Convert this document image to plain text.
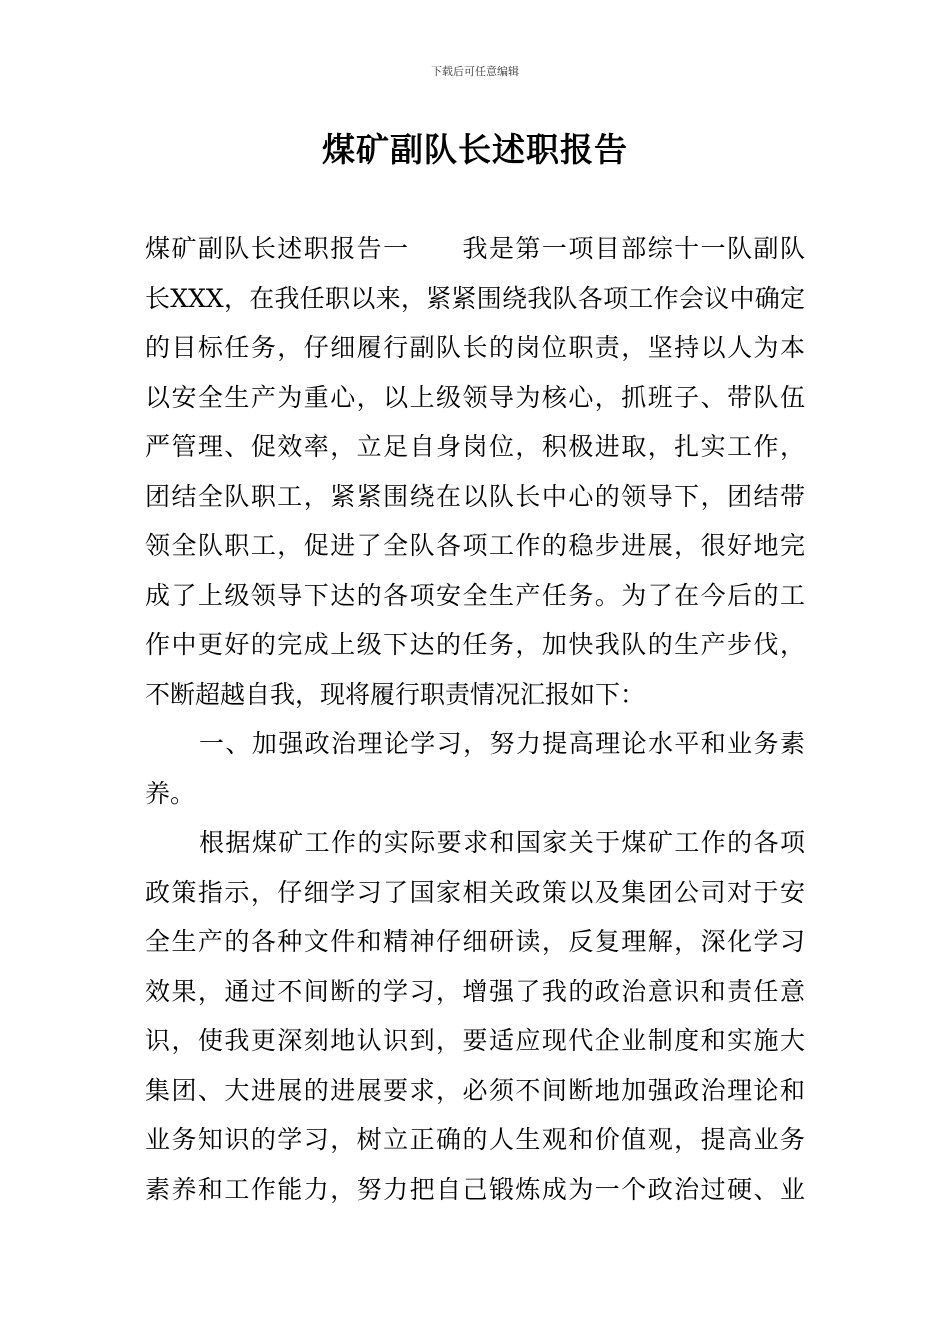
下载后可任意编辑
煤矿副队长述职报告
煤矿副队长述职报告一　　我是第一项目部综十一队副队
长XXX，在我任职以来，紧紧围绕我队各项工作会议中确定
的目标任务，仔细履行副队长的岗位职责，坚持以人为本
以安全生产为重心，以上级领导为核心，抓班子、带队伍
严管理、促效率，立足自身岗位，积极进取，扎实工作，
团结全队职工，紧紧围绕在以队长中心的领导下，团结带
领全队职工，促进了全队各项工作的稳步进展，很好地完
成了上级领导下达的各项安全生产任务。为了在今后的工
作中更好的完成上级下达的任务，加快我队的生产步伐，
不断超越自我，现将履行职责情况汇报如下：
一、加强政治理论学习，努力提高理论水平和业务素
养。
根据煤矿工作的实际要求和国家关于煤矿工作的各项
政策指示，仔细学习了国家相关政策以及集团公司对于安
全生产的各种文件和精神仔细研读，反复理解，深化学习
效果，通过不间断的学习，增强了我的政治意识和责任意
识，使我更深刻地认识到，要适应现代企业制度和实施大
集团、大进展的进展要求，必须不间断地加强政治理论和
业务知识的学习，树立正确的人生观和价值观，提高业务
素养和工作能力，努力把自己锻炼成为一个政治过硬、业
